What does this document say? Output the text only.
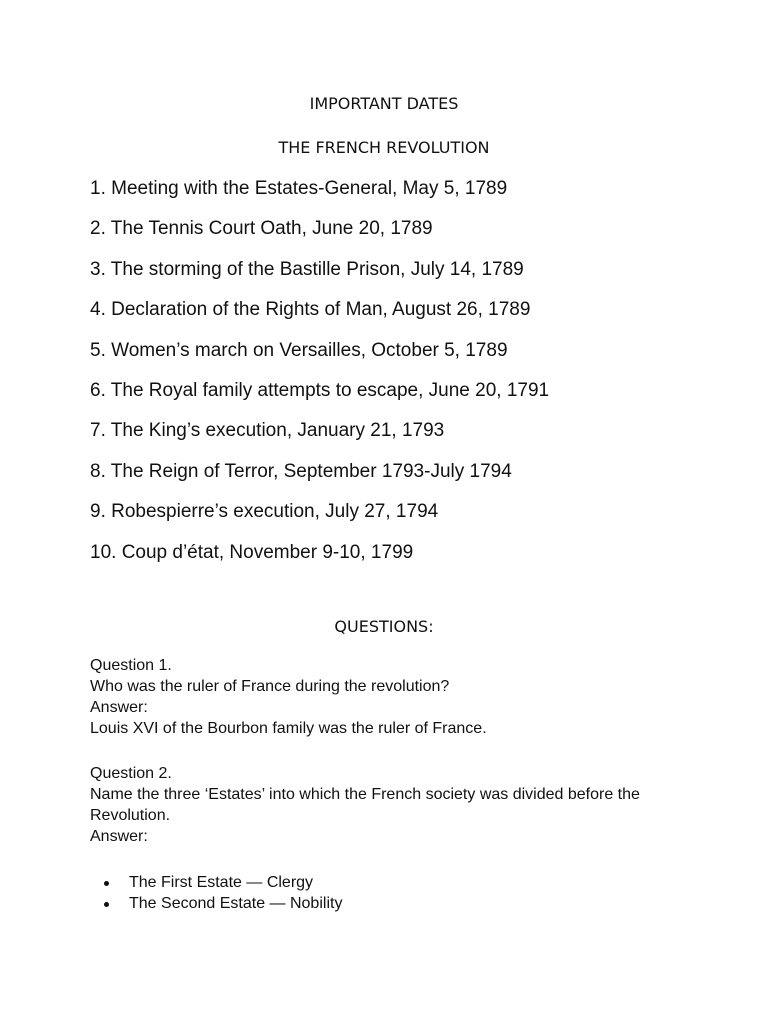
IMPORTANT DATES
THE FRENCH REVOLUTION
1. Meeting with the Estates-General, May 5, 1789
2. The Tennis Court Oath, June 20, 1789
3. The storming of the Bastille Prison, July 14, 1789
4. Declaration of the Rights of Man, August 26, 1789
5. Women’s march on Versailles, October 5, 1789
6. The Royal family attempts to escape, June 20, 1791
7. The King’s execution, January 21, 1793
8. The Reign of Terror, September 1793-July 1794
9. Robespierre’s execution, July 27, 1794
10. Coup d’état, November 9-10, 1799
QUESTIONS:
Question 1.
Who was the ruler of France during the revolution?
Answer:
Louis XVI of the Bourbon family was the ruler of France.
Question 2.
Name the three ‘Estates’ into which the French society was divided before the Revolution.
Answer:
The First Estate — Clergy
The Second Estate — Nobility
